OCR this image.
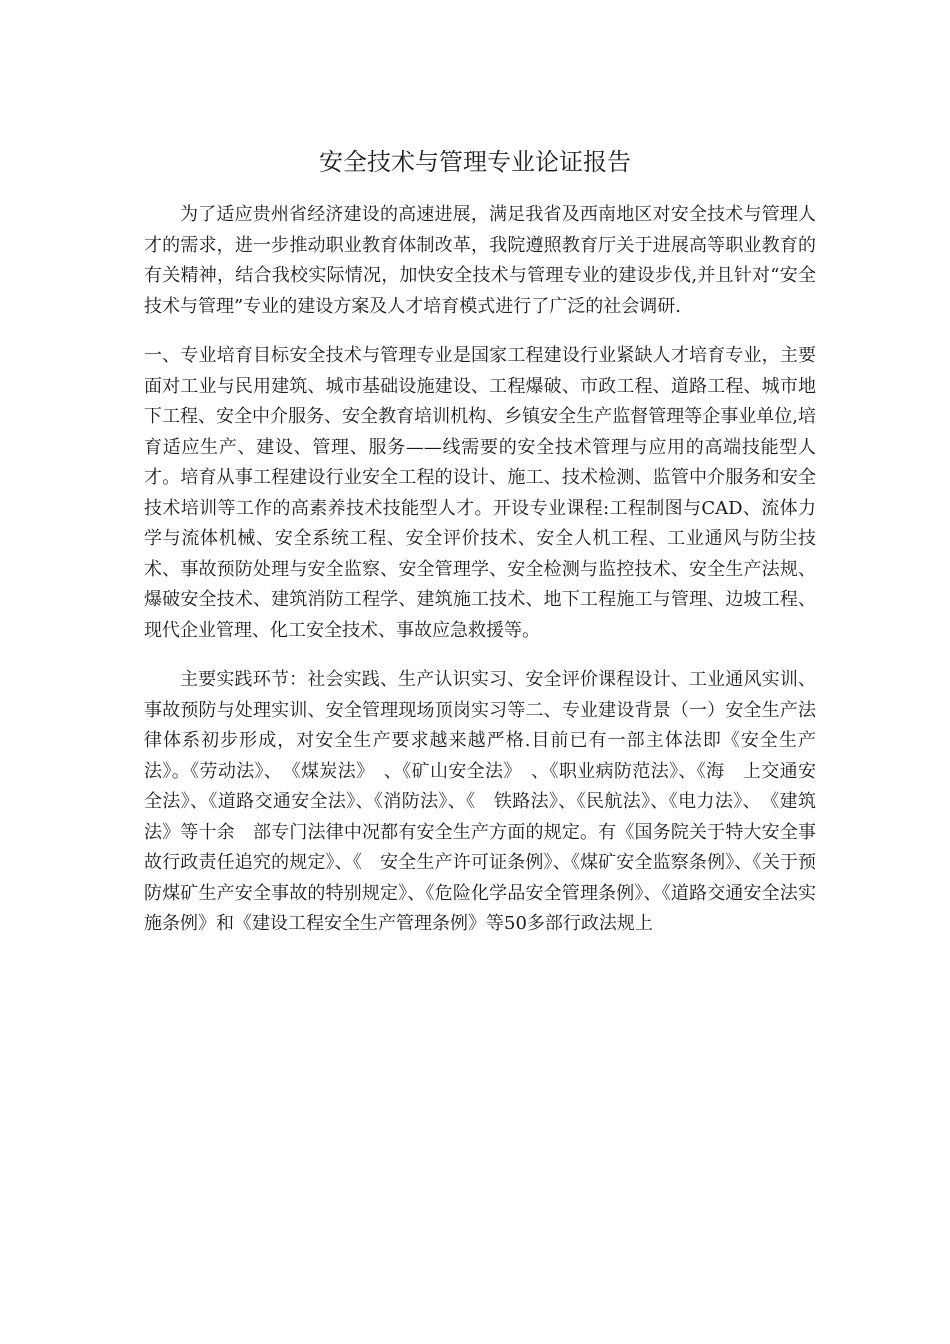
安全技术与管理专业论证报告

为了适应贵州省经济建设的高速进展，满足我省及西南地区对安全技术与管理人才的需求，进一步推动职业教育体制改革，我院遵照教育厅关于进展高等职业教育的有关精神，结合我校实际情况，加快安全技术与管理专业的建设步伐,并且针对“安全技术与管理”专业的建设方案及人才培育模式进行了广泛的社会调研.

一、专业培育目标安全技术与管理专业是国家工程建设行业紧缺人才培育专业，主要面对工业与民用建筑、城市基础设施建设、工程爆破、市政工程、道路工程、城市地下工程、安全中介服务、安全教育培训机构、乡镇安全生产监督管理等企事业单位,培育适应生产、建设、管理、服务——线需要的安全技术管理与应用的高端技能型人才。培育从事工程建设行业安全工程的设计、施工、技术检测、监管中介服务和安全技术培训等工作的高素养技术技能型人才。开设专业课程:工程制图与CAD、流体力学与流体机械、安全系统工程、安全评价技术、安全人机工程、工业通风与防尘技术、事故预防处理与安全监察、安全管理学、安全检测与监控技术、安全生产法规、爆破安全技术、建筑消防工程学、建筑施工技术、地下工程施工与管理、边坡工程、现代企业管理、化工安全技术、事故应急救援等。

主要实践环节：社会实践、生产认识实习、安全评价课程设计、工业通风实训、事故预防与处理实训、安全管理现场顶岗实习等二、专业建设背景（一）安全生产法律体系初步形成，对安全生产要求越来越严格.目前已有一部主体法即《安全生产法》。《劳动法》、　《煤炭法》　、《矿山安全法》　、《职业病防范法》、《海　上交通安全法》、《道路交通安全法》、《消防法》、《　铁路法》、《民航法》、《电力法》、　《建筑法》等十余　部专门法律中况都有安全生产方面的规定。有《国务院关于特大安全事故行政责任追究的规定》、《　安全生产许可证条例》、《煤矿安全监察条例》、《关于预防煤矿生产安全事故的特别规定》、《危险化学品安全管理条例》、《道路交通安全法实施条例》和《建设工程安全生产管理条例》等50多部行政法规上
